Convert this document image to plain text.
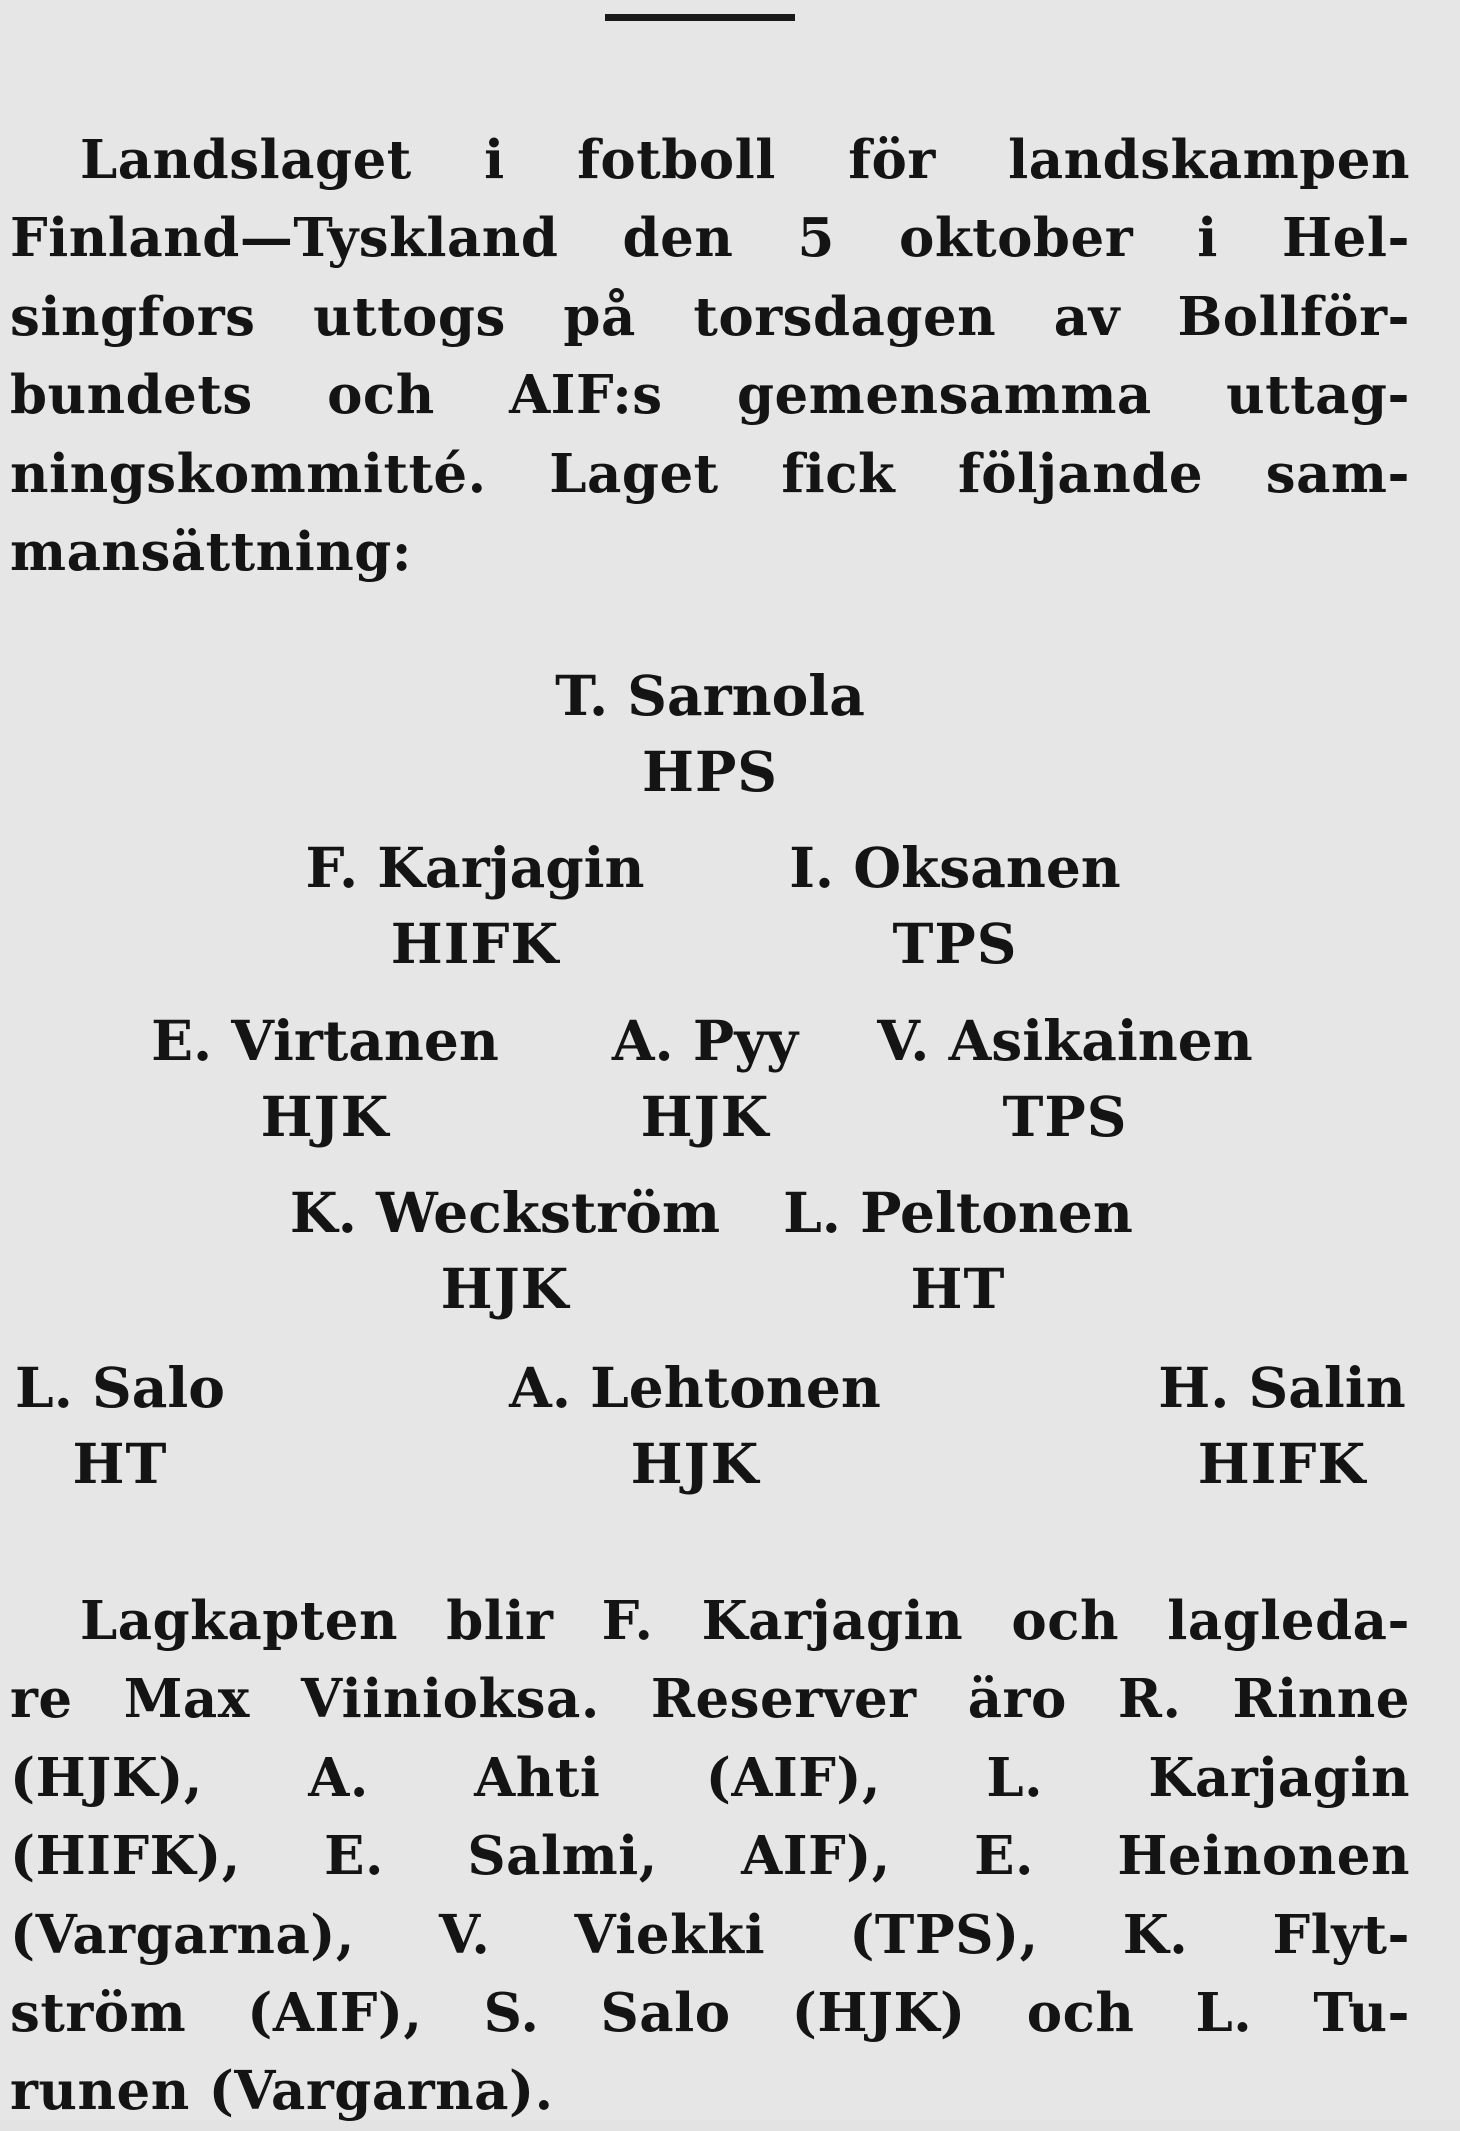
Landslaget i fotboll för landskampen
Finland—Tyskland den 5 oktober i Hel-
singfors uttogs på torsdagen av Bollför-
bundets och AIF:s gemensamma uttag-
ningskommitté. Laget fick följande sam-
mansättning:
T. Sarnola
HPS
F. Karjagin
HIFK
I. Oksanen
TPS
E. Virtanen
HJK
A. Pyy
HJK
V. Asikainen
TPS
K. Weckström
HJK
L. Peltonen
HT
L. Salo
HT
A. Lehtonen
HJK
H. Salin
HIFK
Lagkapten blir F. Karjagin och lagleda-
re Max Viinioksa. Reserver äro R. Rinne
(HJK), A. Ahti (AIF), L. Karjagin
(HIFK), E. Salmi, AIF), E. Heinonen
(Vargarna), V. Viekki (TPS), K. Flyt-
ström (AIF), S. Salo (HJK) och L. Tu-
runen (Vargarna).
